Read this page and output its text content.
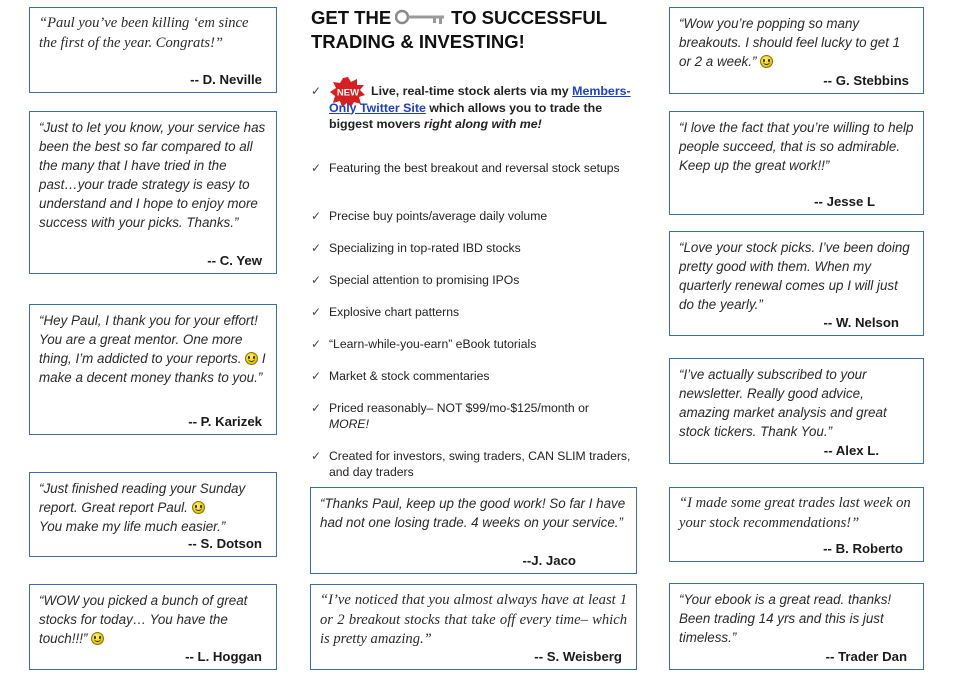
“Paul you’ve been killing ‘em since the first of the year. Congrats!”

-- D. Neville

“Just to let you know, your service has been the best so far compared to all the many that I have tried in the past…your trade strategy is easy to understand and I hope to enjoy more success with your picks. Thanks.”

-- C. Yew

“Hey Paul, I thank you for your effort! You are a great mentor. One more thing, I’m addicted to your reports.  I make a decent money thanks to you.”

-- P. Karizek

“Just finished reading your Sunday report. Great report Paul.
You make my life much easier.”

-- S. Dotson

“WOW you picked a bunch of great stocks for today… You have the touch!!!”

-- L. Hoggan
GET THE	TO SUCCESSFUL
TRADING & INVESTING!
✓ NEW Live, real-time stock alerts via my Members-Only Twitter Site which allows you to trade the biggest movers right along with me!
✓ Featuring the best breakout and reversal stock setups
✓ Precise buy points/average daily volume
✓ Specializing in top-rated IBD stocks
✓ Special attention to promising IPOs
✓ Explosive chart patterns
✓ “Learn-while-you-earn” eBook tutorials
✓ Market & stock commentaries
✓ Priced reasonably– NOT $99/mo-$125/month or
MORE!
✓ Created for investors, swing traders, CAN SLIM traders, and day traders

“Thanks Paul, keep up the good work! So far I have had not one losing trade. 4 weeks on your service.”

--J. Jaco

“I’ve noticed that you almost always have at least 1 or 2 breakout stocks that take off every time– which is pretty amazing.”

-- S. Weisberg

“Wow you’re popping so many breakouts. I should feel lucky to get 1 or 2 a week.”

-- G. Stebbins

“I love the fact that you’re willing to help people succeed, that is so admirable. Keep up the great work!!”

-- Jesse L

“Love your stock picks. I’ve been doing pretty good with them. When my quarterly renewal comes up I will just do the yearly.”

-- W. Nelson

“I’ve actually subscribed to your newsletter. Really good advice, amazing market analysis and great stock tickers. Thank You.”

-- Alex L.

“I made some great trades last week on your stock recommendations!”

-- B. Roberto

“Your ebook is a great read. thanks! Been trading 14 yrs and this is just timeless.”

-- Trader Dan
